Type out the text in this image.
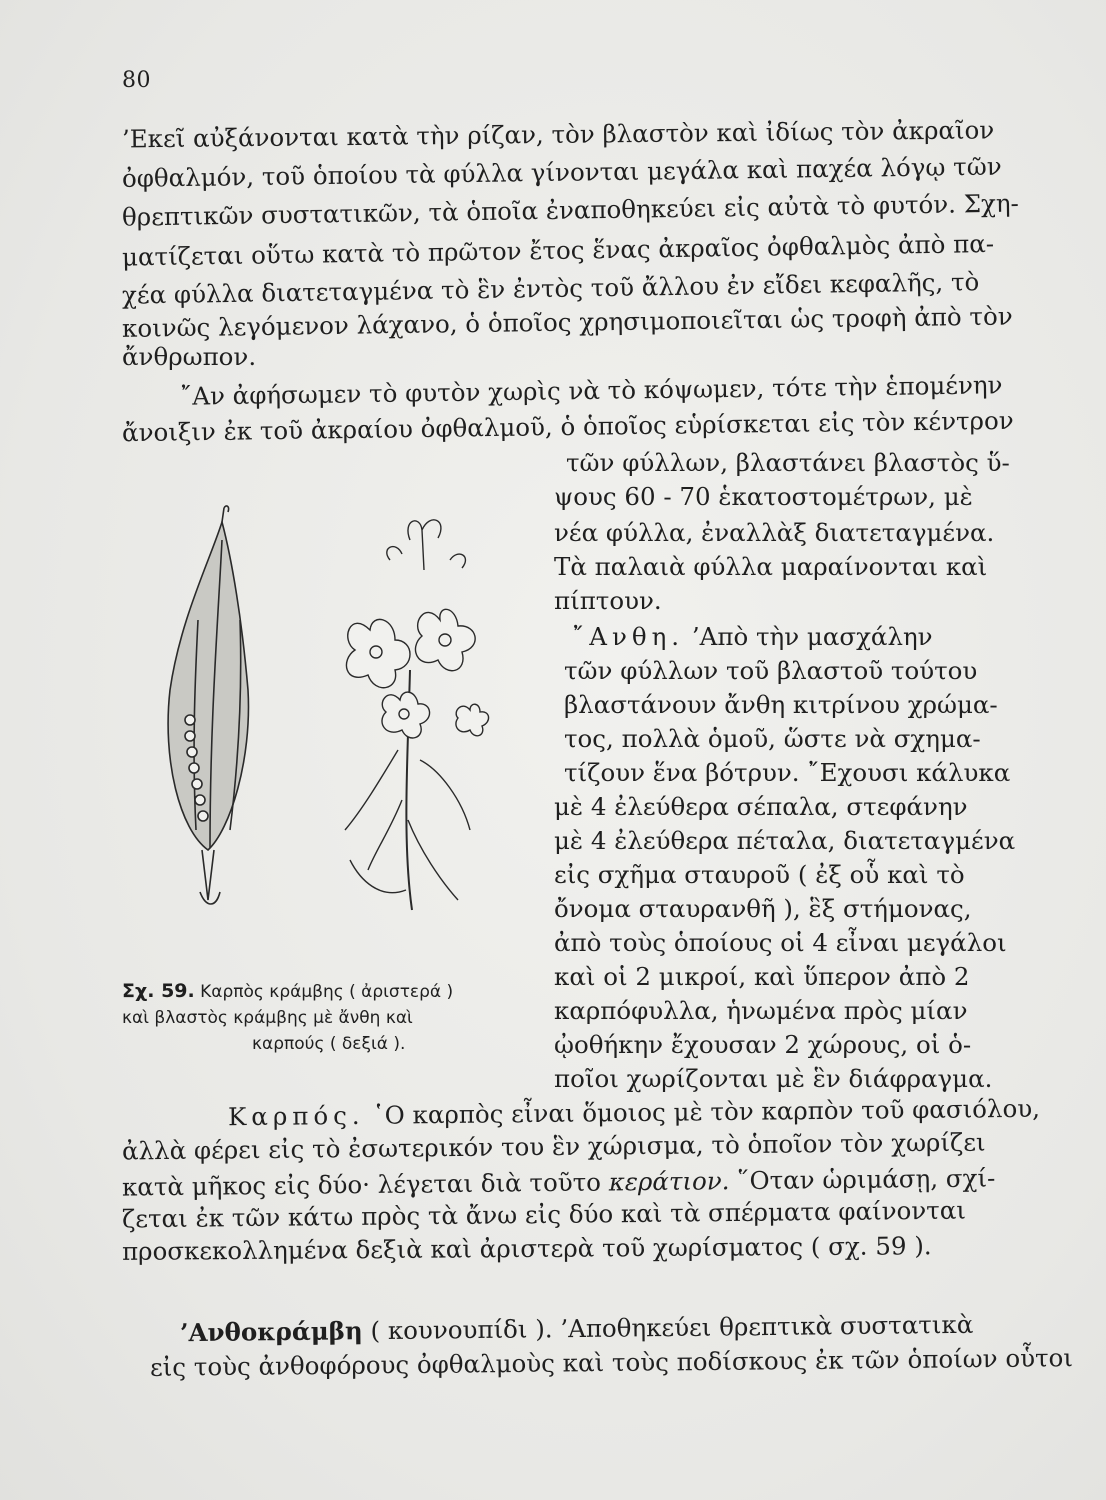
80
’Εκεῖ αὐξάνονται κατὰ τὴν ρίζαν, τὸν βλαστὸν καὶ ἰδίως τὸν ἀκραῖον
ὀφθαλμόν, τοῦ ὁποίου τὰ φύλλα γίνονται μεγάλα καὶ παχέα λόγῳ τῶν
θρεπτικῶν συστατικῶν, τὰ ὁποῖα ἐναποθηκεύει εἰς αὐτὰ τὸ φυτόν. Σχη-
ματίζεται οὕτω κατὰ τὸ πρῶτον ἔτος ἕνας ἀκραῖος ὀφθαλμὸς ἀπὸ πα-
χέα φύλλα διατεταγμένα τὸ ἓν ἐντὸς τοῦ ἄλλου ἐν εἴδει κεφαλῆς, τὸ
κοινῶς λεγόμενον λάχανο, ὁ ὁποῖος χρησιμοποιεῖται ὡς τροφὴ ἀπὸ τὸν
ἄνθρωπον.
῎Αν ἀφήσωμεν τὸ φυτὸν χωρὶς νὰ τὸ κόψωμεν, τότε τὴν ἑπομένην
ἄνοιξιν ἐκ τοῦ ἀκραίου ὀφθαλμοῦ, ὁ ὁποῖος εὑρίσκεται εἰς τὸν κέντρον
τῶν φύλλων, βλαστάνει βλαστὸς ὕ-
ψους 60 - 70 ἑκατοστομέτρων, μὲ
νέα φύλλα, ἐναλλὰξ διατεταγμένα.
Τὰ παλαιὰ φύλλα μαραίνονται καὶ
πίπτουν.
῎Ανθη. ’Απὸ τὴν μασχάλην
τῶν φύλλων τοῦ βλαστοῦ τούτου
βλαστάνουν ἄνθη κιτρίνου χρώμα-
τος, πολλὰ ὁμοῦ, ὥστε νὰ σχημα-
τίζουν ἕνα βότρυν. ῎Εχουσι κάλυκα
μὲ 4 ἐλεύθερα σέπαλα, στεφάνην
μὲ 4 ἐλεύθερα πέταλα, διατεταγμένα
εἰς σχῆμα σταυροῦ ( ἐξ οὗ καὶ τὸ
ὄνομα σταυρανθῆ ), ἓξ στήμονας,
ἀπὸ τοὺς ὁποίους οἱ 4 εἶναι μεγάλοι
καὶ οἱ 2 μικροί, καὶ ὕπερον ἀπὸ 2
καρπόφυλλα, ἡνωμένα πρὸς μίαν
ᾠοθήκην ἔχουσαν 2 χώρους, οἱ ὁ-
ποῖοι χωρίζονται μὲ ἓν διάφραγμα.
Σχ. 59. Καρπὸς κράμβης ( ἀριστερά )
καὶ βλαστὸς κράμβης μὲ ἄνθη καὶ
καρπούς ( δεξιά ).
Καρπός. ῾Ο καρπὸς εἶναι ὅμοιος μὲ τὸν καρπὸν τοῦ φασιόλου,
ἀλλὰ φέρει εἰς τὸ ἐσωτερικόν του ἓν χώρισμα, τὸ ὁποῖον τὸν χωρίζει
κατὰ μῆκος εἰς δύο· λέγεται διὰ τοῦτο κεράτιον. ῞Οταν ὡριμάσῃ, σχί-
ζεται ἐκ τῶν κάτω πρὸς τὰ ἄνω εἰς δύο καὶ τὰ σπέρματα φαίνονται
προσκεκολλημένα δεξιὰ καὶ ἀριστερὰ τοῦ χωρίσματος ( σχ. 59 ).
’Ανθοκράμβη ( κουνουπίδι ). ’Αποθηκεύει θρεπτικὰ συστατικὰ
εἰς τοὺς ἀνθοφόρους ὀφθαλμοὺς καὶ τοὺς ποδίσκους ἐκ τῶν ὁποίων οὗτοι
